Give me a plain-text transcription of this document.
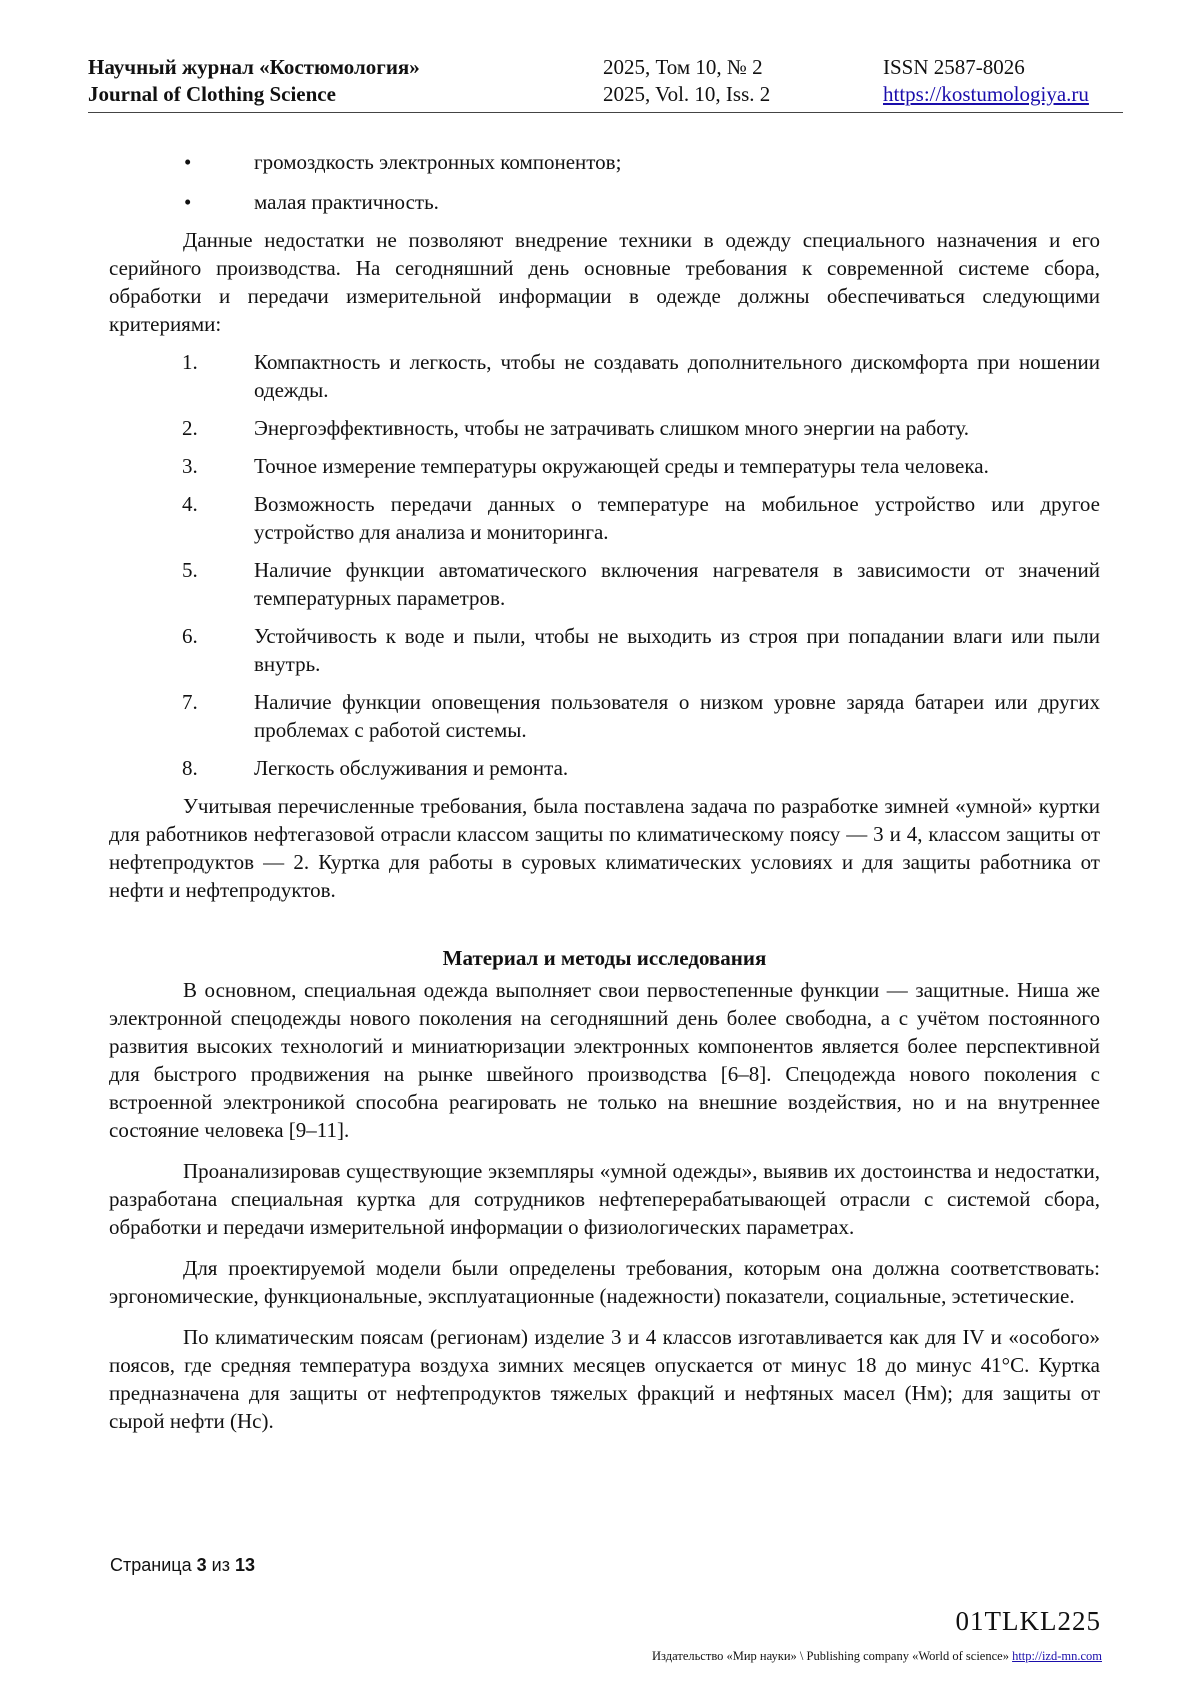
Научный журнал «Костюмология»
Journal of Clothing Science
2025, Том 10, № 2
2025, Vol. 10, Iss. 2
ISSN 2587-8026
https://kostumologiya.ru
•	громоздкость электронных компонентов;
•	малая практичность.
Данные недостатки не позволяют внедрение техники в одежду специального назначения и его серийного производства. На сегодняшний день основные требования к современной системе сбора, обработки и передачи измерительной информации в одежде должны обеспечиваться следующими критериями:
1.	Компактность и легкость, чтобы не создавать дополнительного дискомфорта при ношении одежды.
2.	Энергоэффективность, чтобы не затрачивать слишком много энергии на работу.
3.	Точное измерение температуры окружающей среды и температуры тела человека.
4.	Возможность передачи данных о температуре на мобильное устройство или другое устройство для анализа и мониторинга.
5.	Наличие функции автоматического включения нагревателя в зависимости от значений температурных параметров.
6.	Устойчивость к воде и пыли, чтобы не выходить из строя при попадании влаги или пыли внутрь.
7.	Наличие функции оповещения пользователя о низком уровне заряда батареи или других проблемах с работой системы.
8.	Легкость обслуживания и ремонта.
Учитывая перечисленные требования, была поставлена задача по разработке зимней «умной» куртки для работников нефтегазовой отрасли классом защиты по климатическому поясу — 3 и 4, классом защиты от нефтепродуктов — 2. Куртка для работы в суровых климатических условиях и для защиты работника от нефти и нефтепродуктов.
Материал и методы исследования
В основном, специальная одежда выполняет свои первостепенные функции — защитные. Ниша же электронной спецодежды нового поколения на сегодняшний день более свободна, а с учётом постоянного развития высоких технологий и миниатюризации электронных компонентов является более перспективной для быстрого продвижения на рынке швейного производства [6–8]. Спецодежда нового поколения с встроенной электроникой способна реагировать не только на внешние воздействия, но и на внутреннее состояние человека [9–11].
Проанализировав существующие экземпляры «умной одежды», выявив их достоинства и недостатки, разработана специальная куртка для сотрудников нефтеперерабатывающей отрасли с системой сбора, обработки и передачи измерительной информации о физиологических параметрах.
Для проектируемой модели были определены требования, которым она должна соответствовать: эргономические, функциональные, эксплуатационные (надежности) показатели, социальные, эстетические.
По климатическим поясам (регионам) изделие 3 и 4 классов изготавливается как для IV и «особого» поясов, где средняя температура воздуха зимних месяцев опускается от минус 18 до минус 41°C. Куртка предназначена для защиты от нефтепродуктов тяжелых фракций и нефтяных масел (Нм); для защиты от сырой нефти (Нс).
Страница 3 из 13
01TLKL225
Издательство «Мир науки» \ Publishing company «World of science» http://izd-mn.com
